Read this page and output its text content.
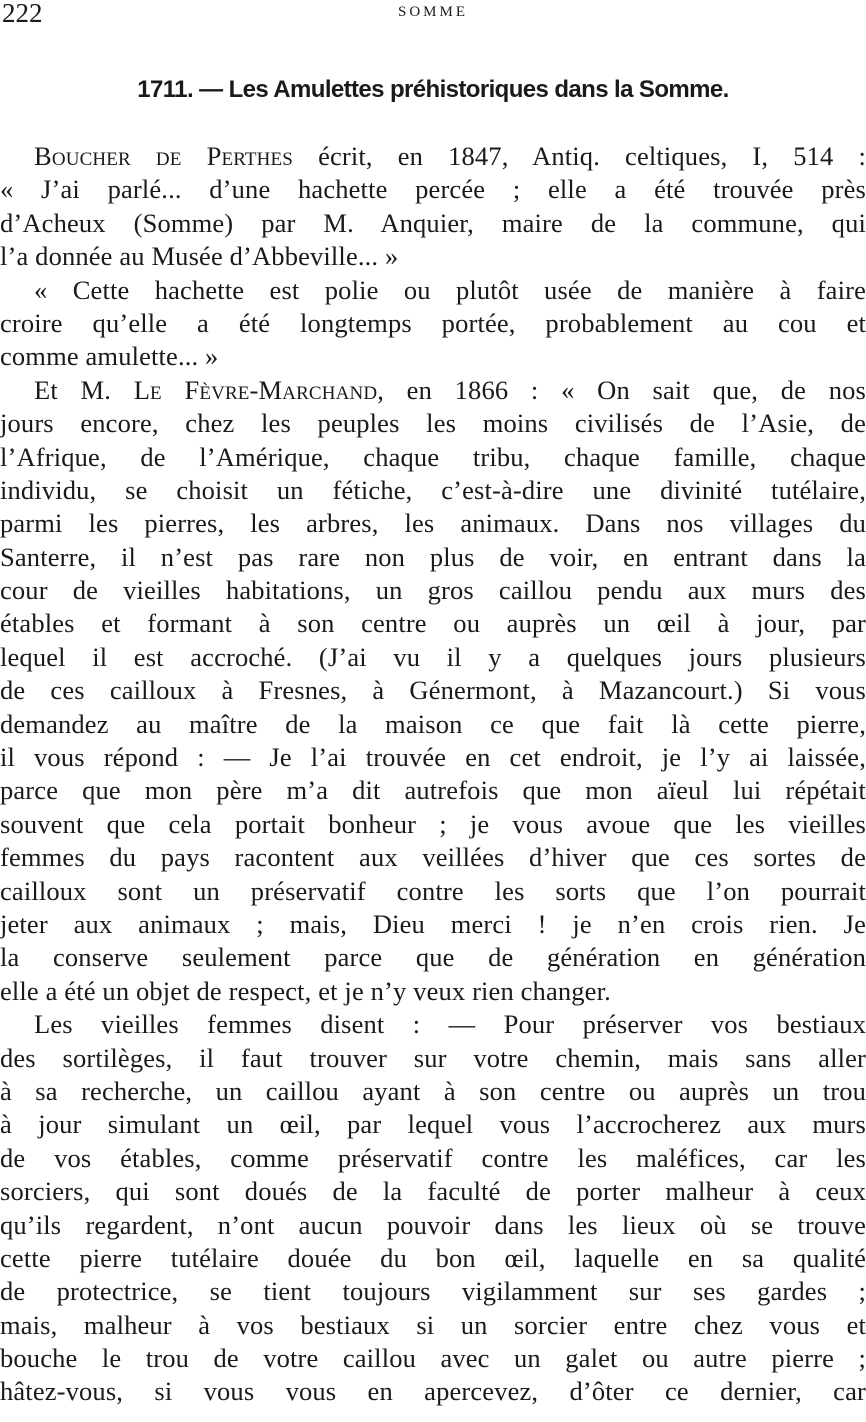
222	SOMME
1711. — Les Amulettes préhistoriques dans la Somme.
Boucher de Perthes écrit, en 1847, Antiq. celtiques, I, 514 :
« J’ai parlé... d’une hachette percée ; elle a été trouvée près
d’Acheux (Somme) par M. Anquier, maire de la commune, qui
l’a donnée au Musée d’Abbeville... »
« Cette hachette est polie ou plutôt usée de manière à faire
croire qu’elle a été longtemps portée, probablement au cou et
comme amulette... »
Et M. Le Fèvre-Marchand, en 1866 : « On sait que, de nos
jours encore, chez les peuples les moins civilisés de l’Asie, de
l’Afrique, de l’Amérique, chaque tribu, chaque famille, chaque
individu, se choisit un fétiche, c’est-à-dire une divinité tutélaire,
parmi les pierres, les arbres, les animaux. Dans nos villages du
Santerre, il n’est pas rare non plus de voir, en entrant dans la
cour de vieilles habitations, un gros caillou pendu aux murs des
étables et formant à son centre ou auprès un œil à jour, par
lequel il est accroché. (J’ai vu il y a quelques jours plusieurs
de ces cailloux à Fresnes, à Génermont, à Mazancourt.) Si vous
demandez au maître de la maison ce que fait là cette pierre,
il vous répond : — Je l’ai trouvée en cet endroit, je l’y ai laissée,
parce que mon père m’a dit autrefois que mon aïeul lui répétait
souvent que cela portait bonheur ; je vous avoue que les vieilles
femmes du pays racontent aux veillées d’hiver que ces sortes de
cailloux sont un préservatif contre les sorts que l’on pourrait
jeter aux animaux ; mais, Dieu merci ! je n’en crois rien. Je
la conserve seulement parce que de génération en génération
elle a été un objet de respect, et je n’y veux rien changer.
Les vieilles femmes disent : — Pour préserver vos bestiaux
des sortilèges, il faut trouver sur votre chemin, mais sans aller
à sa recherche, un caillou ayant à son centre ou auprès un trou
à jour simulant un œil, par lequel vous l’accrocherez aux murs
de vos étables, comme préservatif contre les maléfices, car les
sorciers, qui sont doués de la faculté de porter malheur à ceux
qu’ils regardent, n’ont aucun pouvoir dans les lieux où se trouve
cette pierre tutélaire douée du bon œil, laquelle en sa qualité
de protectrice, se tient toujours vigilamment sur ses gardes ;
mais, malheur à vos bestiaux si un sorcier entre chez vous et
bouche le trou de votre caillou avec un galet ou autre pierre ;
hâtez-vous, si vous vous en apercevez, d’ôter ce dernier, car
